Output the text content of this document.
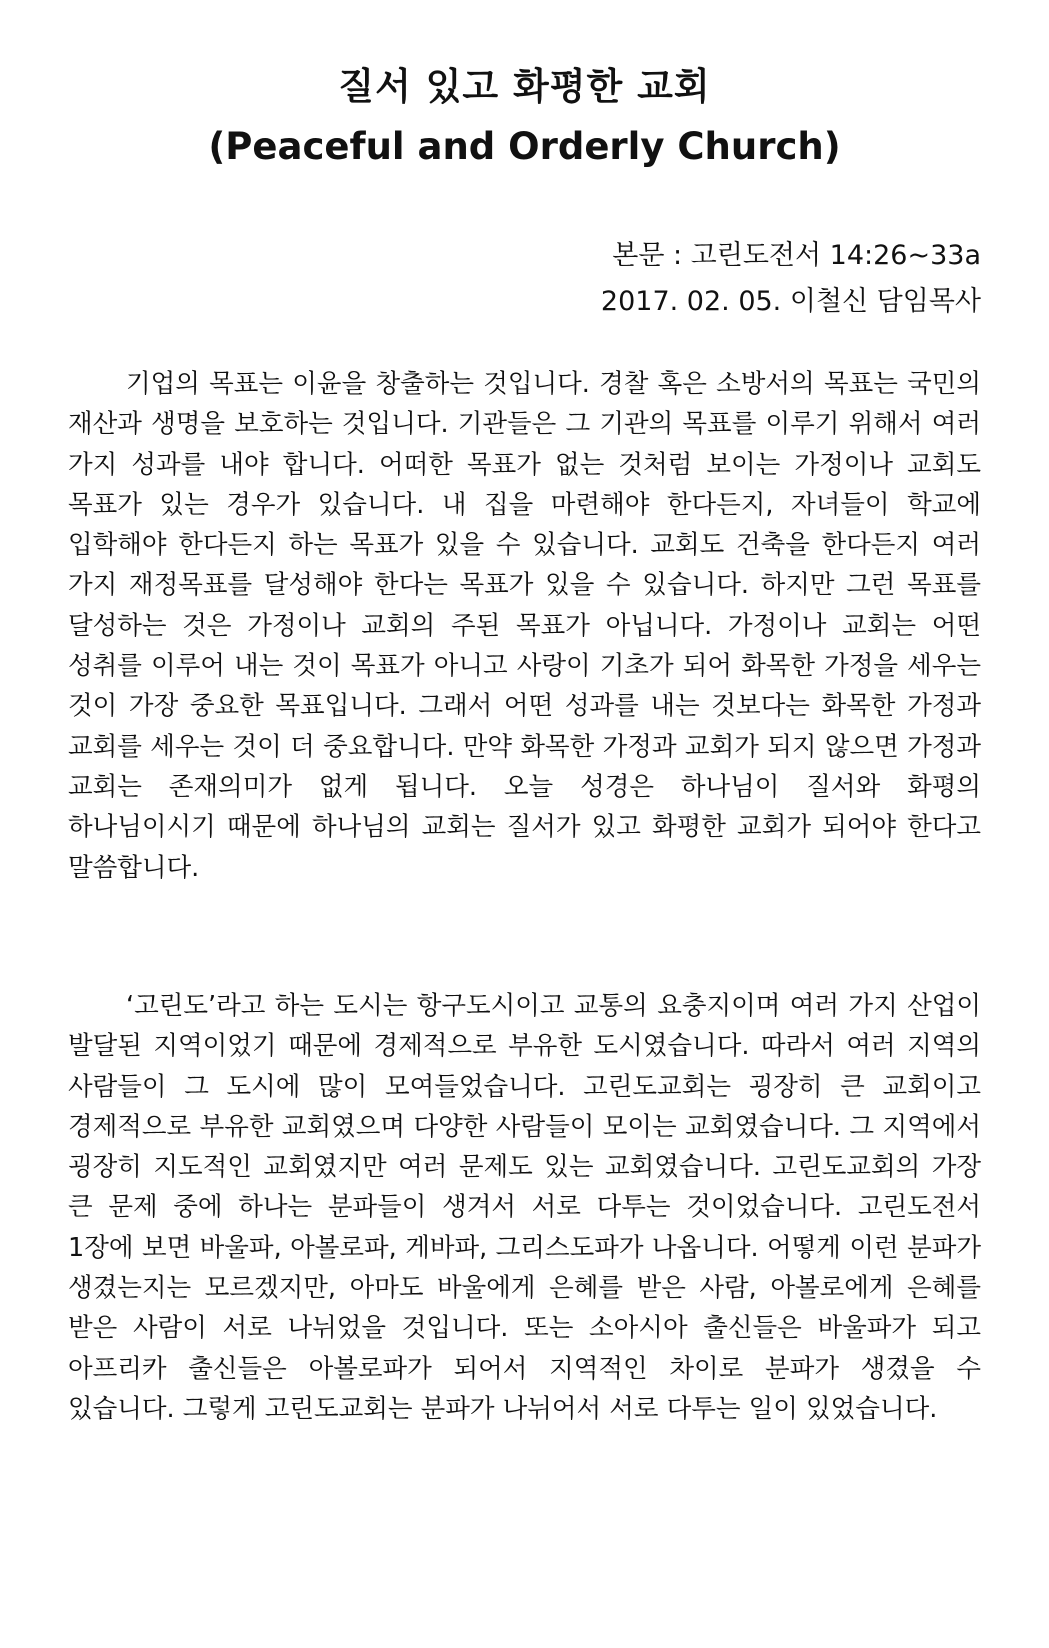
질서 있고 화평한 교회
(Peaceful and Orderly Church)
본문 : 고린도전서 14:26~33a
2017. 02. 05. 이철신 담임목사

기업의 목표는 이윤을 창출하는 것입니다. 경찰 혹은 소방서의 목표는 국민의 재산과 생명을 보호하는 것입니다. 기관들은 그 기관의 목표를 이루기 위해서 여러 가지 성과를 내야 합니다. 어떠한 목표가 없는 것처럼 보이는 가정이나 교회도 목표가 있는 경우가 있습니다. 내 집을 마련해야 한다든지, 자녀들이 학교에 입학해야 한다든지 하는 목표가 있을 수 있습니다. 교회도 건축을 한다든지 여러 가지 재정목표를 달성해야 한다는 목표가 있을 수 있습니다. 하지만 그런 목표를 달성하는 것은 가정이나 교회의 주된 목표가 아닙니다. 가정이나 교회는 어떤 성취를 이루어 내는 것이 목표가 아니고 사랑이 기초가 되어 화목한 가정을 세우는 것이 가장 중요한 목표입니다. 그래서 어떤 성과를 내는 것보다는 화목한 가정과 교회를 세우는 것이 더 중요합니다. 만약 화목한 가정과 교회가 되지 않으면 가정과 교회는 존재의미가 없게 됩니다. 오늘 성경은 하나님이 질서와 화평의 하나님이시기 때문에 하나님의 교회는 질서가 있고 화평한 교회가 되어야 한다고 말씀합니다.

‘고린도’라고 하는 도시는 항구도시이고 교통의 요충지이며 여러 가지 산업이 발달된 지역이었기 때문에 경제적으로 부유한 도시였습니다. 따라서 여러 지역의 사람들이 그 도시에 많이 모여들었습니다. 고린도교회는 굉장히 큰 교회이고 경제적으로 부유한 교회였으며 다양한 사람들이 모이는 교회였습니다. 그 지역에서 굉장히 지도적인 교회였지만 여러 문제도 있는 교회였습니다. 고린도교회의 가장 큰 문제 중에 하나는 분파들이 생겨서 서로 다투는 것이었습니다. 고린도전서 1장에 보면 바울파, 아볼로파, 게바파, 그리스도파가 나옵니다. 어떻게 이런 분파가 생겼는지는 모르겠지만, 아마도 바울에게 은혜를 받은 사람, 아볼로에게 은혜를 받은 사람이 서로 나뉘었을 것입니다. 또는 소아시아 출신들은 바울파가 되고 아프리카 출신들은 아볼로파가 되어서 지역적인 차이로 분파가 생겼을 수 있습니다. 그렇게 고린도교회는 분파가 나뉘어서 서로 다투는 일이 있었습니다.
